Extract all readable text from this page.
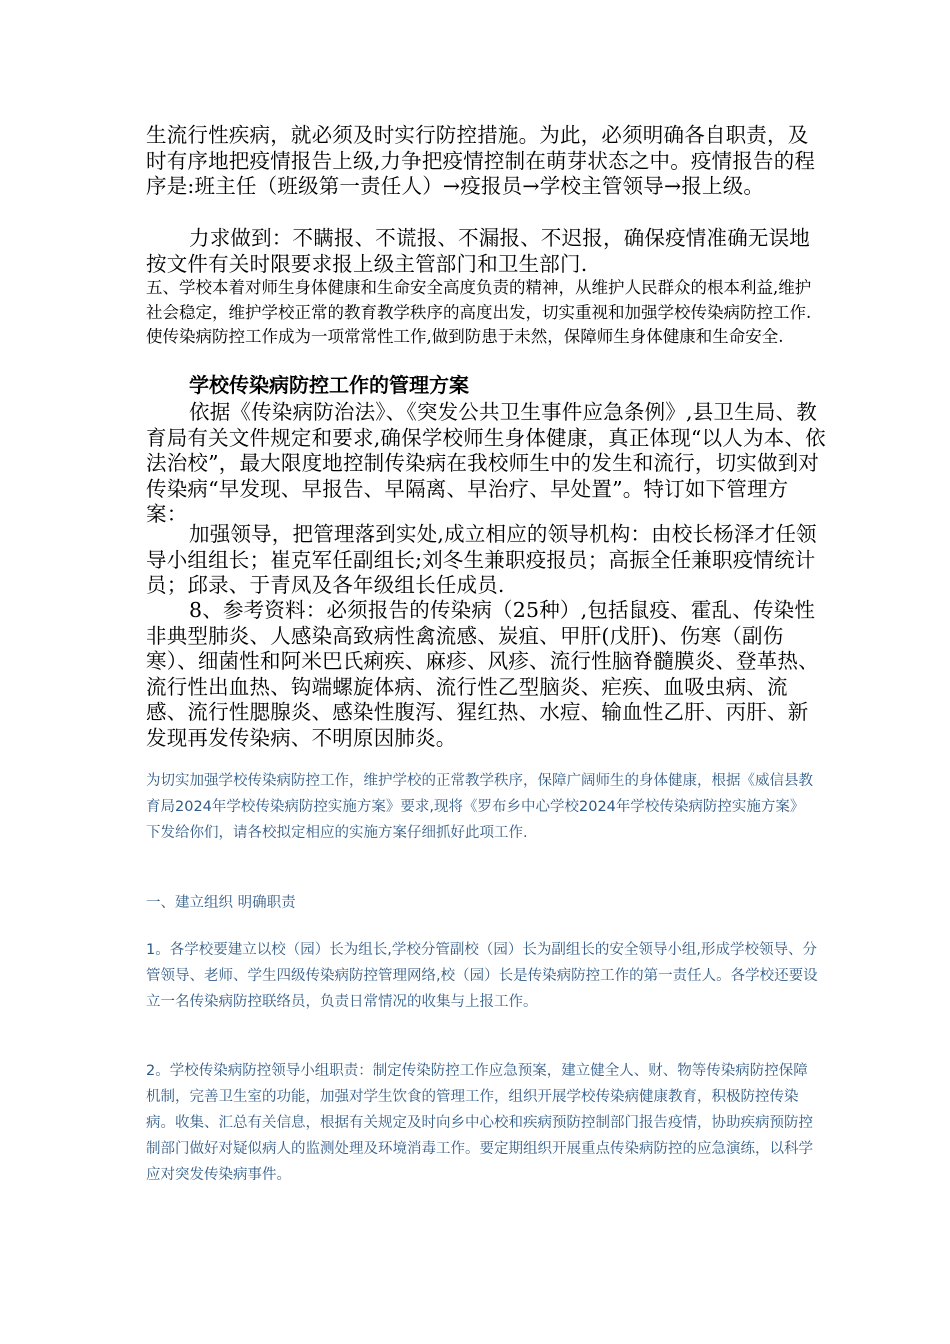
生流行性疾病，就必须及时实行防控措施。为此，必须明确各自职责，及时有序地把疫情报告上级,力争把疫情控制在萌芽状态之中。疫情报告的程序是:班主任（班级第一责任人）→疫报员→学校主管领导→报上级。

力求做到：不瞒报、不谎报、不漏报、不迟报，确保疫情准确无误地按文件有关时限要求报上级主管部门和卫生部门.

五、学校本着对师生身体健康和生命安全高度负责的精神，从维护人民群众的根本利益,维护社会稳定，维护学校正常的教育教学秩序的高度出发，切实重视和加强学校传染病防控工作.使传染病防控工作成为一项常常性工作,做到防患于未然，保障师生身体健康和生命安全.

学校传染病防控工作的管理方案

依据《传染病防治法》、《突发公共卫生事件应急条例》,县卫生局、教育局有关文件规定和要求,确保学校师生身体健康，真正体现“以人为本、依法治校”，最大限度地控制传染病在我校师生中的发生和流行，切实做到对传染病“早发现、早报告、早隔离、早治疗、早处置”。特订如下管理方案：

加强领导，把管理落到实处,成立相应的领导机构：由校长杨泽才任领导小组组长；崔克军任副组长;刘冬生兼职疫报员；高振全任兼职疫情统计员；邱录、于青凤及各年级组长任成员.

8、参考资料：必须报告的传染病（25种）,包括鼠疫、霍乱、传染性非典型肺炎、人感染高致病性禽流感、炭疽、甲肝(戊肝)、伤寒（副伤寒）、细菌性和阿米巴氏痢疾、麻疹、风疹、流行性脑脊髓膜炎、登革热、流行性出血热、钩端螺旋体病、流行性乙型脑炎、疟疾、血吸虫病、流感、流行性腮腺炎、感染性腹泻、猩红热、水痘、输血性乙肝、丙肝、新发现再发传染病、不明原因肺炎。

为切实加强学校传染病防控工作，维护学校的正常教学秩序，保障广阔师生的身体健康，根据《威信县教育局2024年学校传染病防控实施方案》要求,现将《罗布乡中心学校2024年学校传染病防控实施方案》下发给你们，请各校拟定相应的实施方案仔细抓好此项工作.

一、建立组织 明确职责

1。各学校要建立以校（园）长为组长,学校分管副校（园）长为副组长的安全领导小组,形成学校领导、分管领导、老师、学生四级传染病防控管理网络,校（园）长是传染病防控工作的第一责任人。各学校还要设立一名传染病防控联络员，负责日常情况的收集与上报工作。

2。学校传染病防控领导小组职责：制定传染防控工作应急预案，建立健全人、财、物等传染病防控保障机制，完善卫生室的功能，加强对学生饮食的管理工作，组织开展学校传染病健康教育，积极防控传染病。收集、汇总有关信息，根据有关规定及时向乡中心校和疾病预防控制部门报告疫情，协助疾病预防控制部门做好对疑似病人的监测处理及环境消毒工作。要定期组织开展重点传染病防控的应急演练，以科学应对突发传染病事件。
